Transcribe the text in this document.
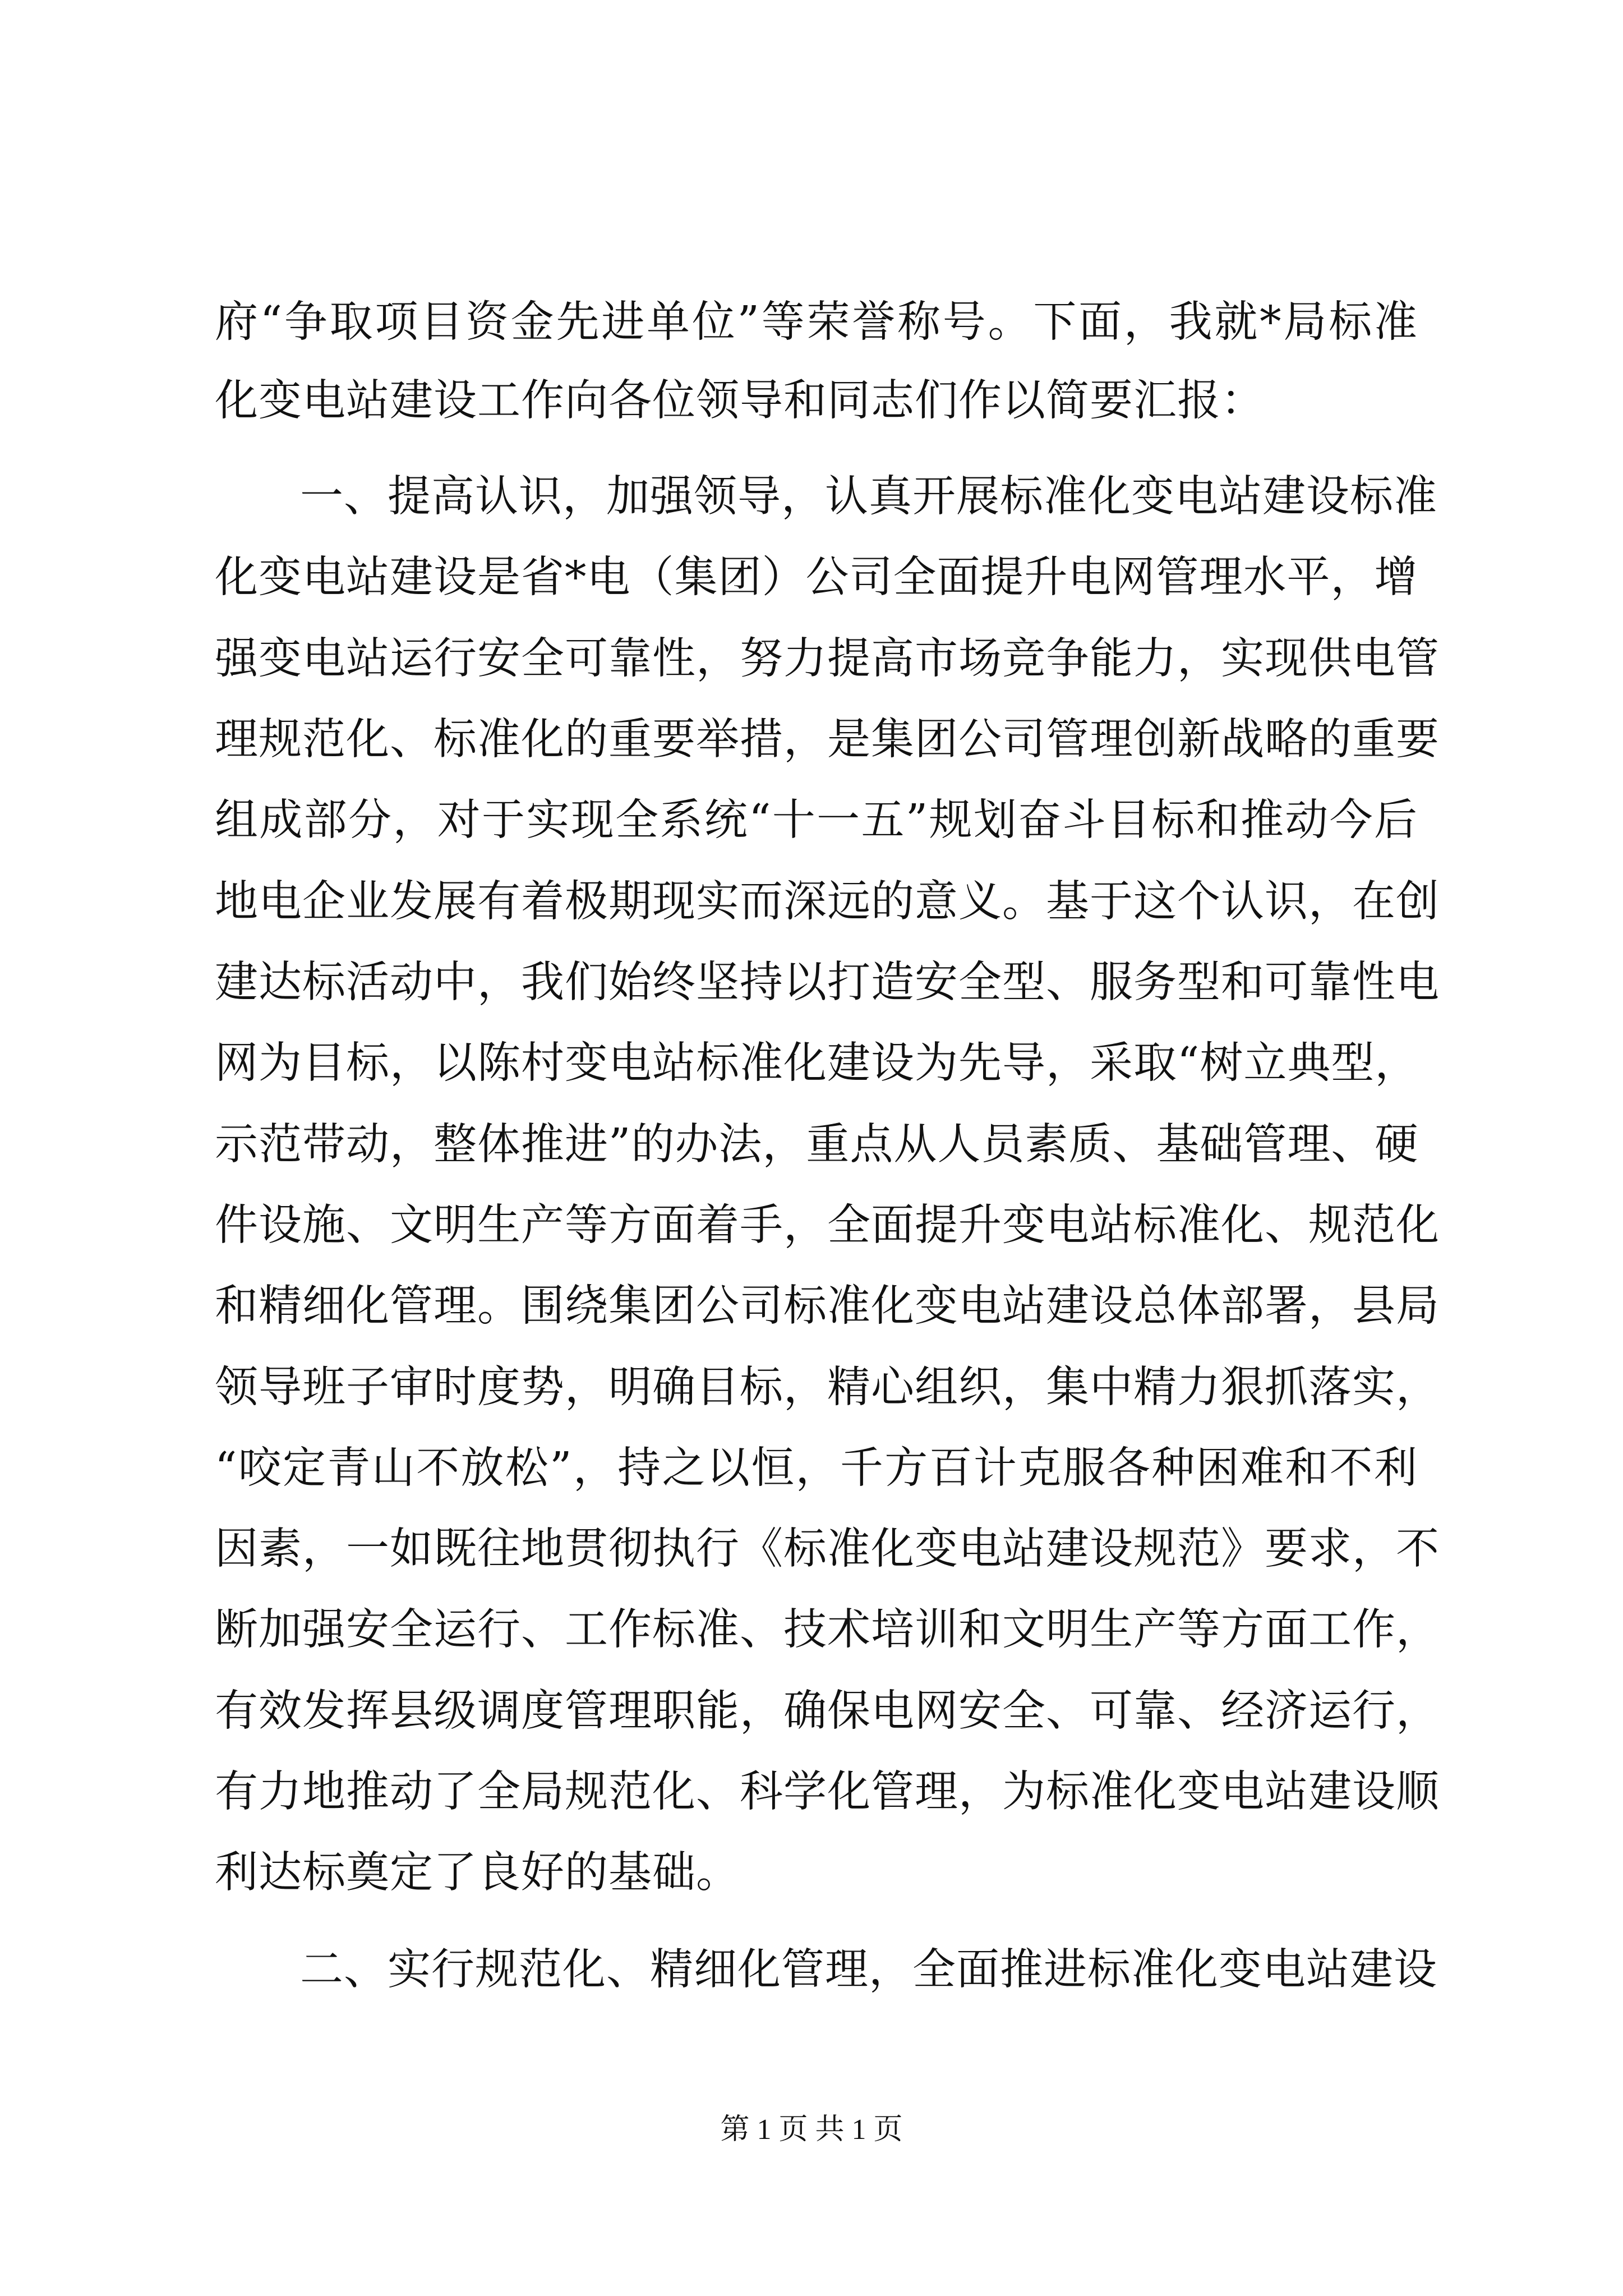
府“争取项目资金先进单位”等荣誉称号。下面，我就*局标准
化变电站建设工作向各位领导和同志们作以简要汇报：
一、提高认识，加强领导，认真开展标准化变电站建设标准
化变电站建设是省*电（集团）公司全面提升电网管理水平，增
强变电站运行安全可靠性，努力提高市场竞争能力，实现供电管
理规范化、标准化的重要举措，是集团公司管理创新战略的重要
组成部分，对于实现全系统“十一五”规划奋斗目标和推动今后
地电企业发展有着极期现实而深远的意义。基于这个认识，在创
建达标活动中，我们始终坚持以打造安全型、服务型和可靠性电
网为目标，以陈村变电站标准化建设为先导，采取“树立典型，
示范带动，整体推进”的办法，重点从人员素质、基础管理、硬
件设施、文明生产等方面着手，全面提升变电站标准化、规范化
和精细化管理。围绕集团公司标准化变电站建设总体部署，县局
领导班子审时度势，明确目标，精心组织，集中精力狠抓落实，
“咬定青山不放松”，持之以恒，千方百计克服各种困难和不利
因素，一如既往地贯彻执行《标准化变电站建设规范》要求，不
断加强安全运行、工作标准、技术培训和文明生产等方面工作，
有效发挥县级调度管理职能，确保电网安全、可靠、经济运行，
有力地推动了全局规范化、科学化管理，为标准化变电站建设顺
利达标奠定了良好的基础。
二、实行规范化、精细化管理，全面推进标准化变电站建设
第 1 页 共 1 页
